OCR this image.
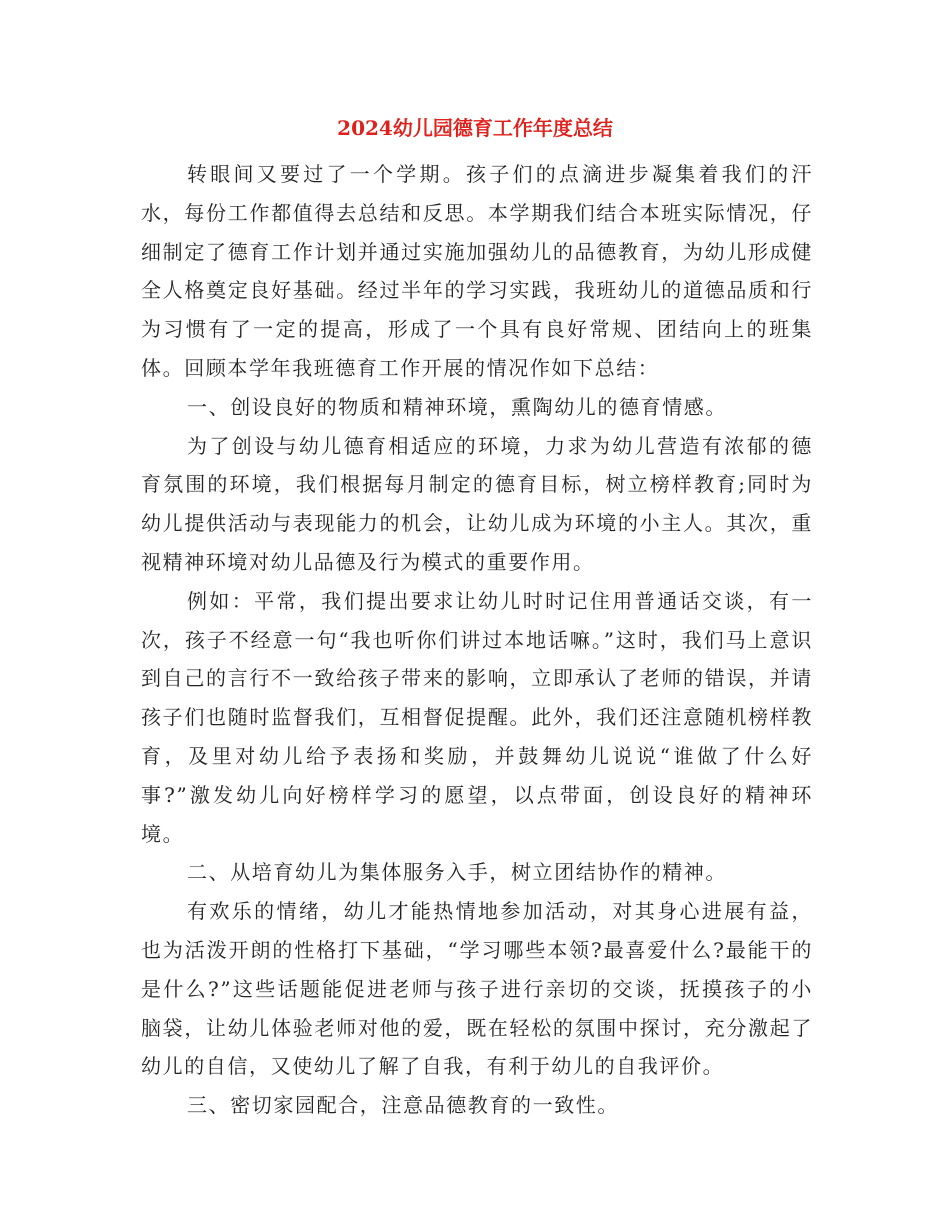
2024幼儿园德育工作年度总结

转眼间又要过了一个学期。孩子们的点滴进步凝集着我们的汗水，每份工作都值得去总结和反思。本学期我们结合本班实际情况，仔细制定了德育工作计划并通过实施加强幼儿的品德教育，为幼儿形成健全人格奠定良好基础。经过半年的学习实践，我班幼儿的道德品质和行为习惯有了一定的提高，形成了一个具有良好常规、团结向上的班集体。回顾本学年我班德育工作开展的情况作如下总结：

一、创设良好的物质和精神环境，熏陶幼儿的德育情感。

为了创设与幼儿德育相适应的环境，力求为幼儿营造有浓郁的德育氛围的环境，我们根据每月制定的德育目标，树立榜样教育;同时为幼儿提供活动与表现能力的机会，让幼儿成为环境的小主人。其次，重视精神环境对幼儿品德及行为模式的重要作用。

例如：平常，我们提出要求让幼儿时时记住用普通话交谈，有一次，孩子不经意一句“我也听你们讲过本地话嘛。”这时，我们马上意识到自己的言行不一致给孩子带来的影响，立即承认了老师的错误，并请孩子们也随时监督我们，互相督促提醒。此外，我们还注意随机榜样教育，及里对幼儿给予表扬和奖励，并鼓舞幼儿说说“谁做了什么好事?”激发幼儿向好榜样学习的愿望，以点带面，创设良好的精神环境。

二、从培育幼儿为集体服务入手，树立团结协作的精神。

有欢乐的情绪，幼儿才能热情地参加活动，对其身心进展有益，也为活泼开朗的性格打下基础，“学习哪些本领?最喜爱什么?最能干的是什么?”这些话题能促进老师与孩子进行亲切的交谈，抚摸孩子的小脑袋，让幼儿体验老师对他的爱，既在轻松的氛围中探讨，充分激起了幼儿的自信，又使幼儿了解了自我，有利于幼儿的自我评价。

三、密切家园配合，注意品德教育的一致性。
